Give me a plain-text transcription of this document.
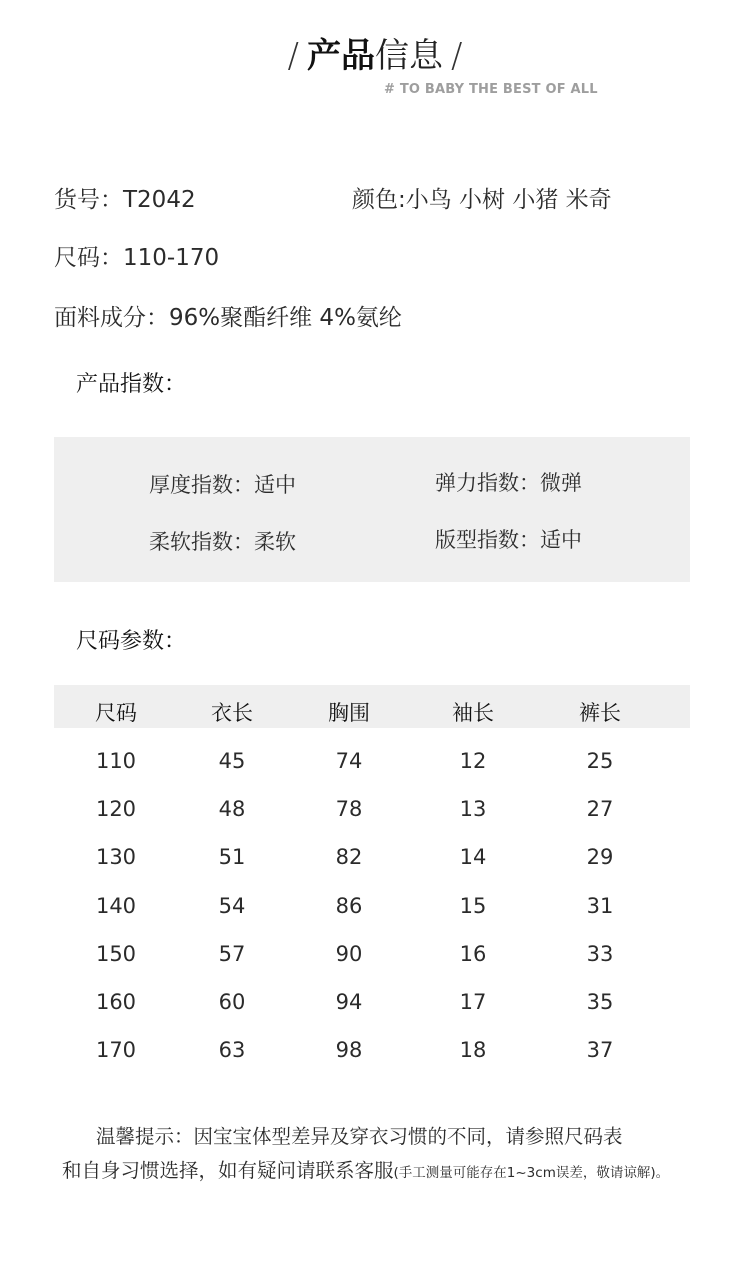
/ 产品信息 /
# TO BABY THE BEST OF ALL
货号：T2042	颜色:小鸟 小树 小猪 米奇
尺码：110-170
面料成分：96%聚酯纤维 4%氨纶
产品指数：
厚度指数：适中	弹力指数：微弹
柔软指数：柔软	版型指数：适中
尺码参数：
尺码	衣长	胸围	袖长	裤长
110	45	74	12	25
120	48	78	13	27
130	51	82	14	29
140	54	86	15	31
150	57	90	16	33
160	60	94	17	35
170	63	98	18	37
温馨提示：因宝宝体型差异及穿衣习惯的不同，请参照尺码表
和自身习惯选择，如有疑问请联系客服(手工测量可能存在1~3cm误差，敬请谅解)。
